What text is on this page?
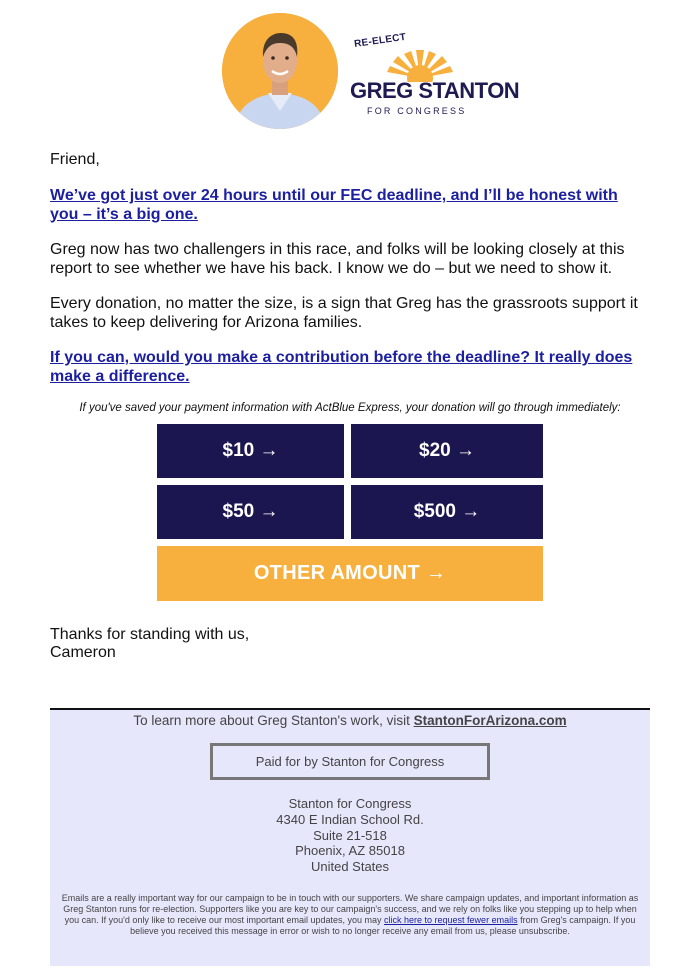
RE-ELECT
GREG STANTON
FOR CONGRESS

Friend,

We’ve got just over 24 hours until our FEC deadline, and I’ll be honest with you – it’s a big one.

Greg now has two challengers in this race, and folks will be looking closely at this report to see whether we have his back. I know we do – but we need to show it.

Every donation, no matter the size, is a sign that Greg has the grassroots support it takes to keep delivering for Arizona families.

If you can, would you make a contribution before the deadline? It really does make a difference.

If you've saved your payment information with ActBlue Express, your donation will go through immediately:
$10 →	$20 →
$50 →	$500 →
OTHER AMOUNT →

Thanks for standing with us,

Cameron

To learn more about Greg Stanton's work, visit StantonForArizona.com
Paid for by Stanton for Congress
Stanton for Congress
4340 E Indian School Rd.
Suite 21-518
Phoenix, AZ 85018
United States
Emails are a really important way for our campaign to be in touch with our supporters. We share campaign updates, and important information as Greg Stanton runs for re-election. Supporters like you are key to our campaign's success, and we rely on folks like you stepping up to help when you can. If you'd only like to receive our most important email updates, you may click here to request fewer emails from Greg's campaign. If you believe you received this message in error or wish to no longer receive any email from us, please unsubscribe.
